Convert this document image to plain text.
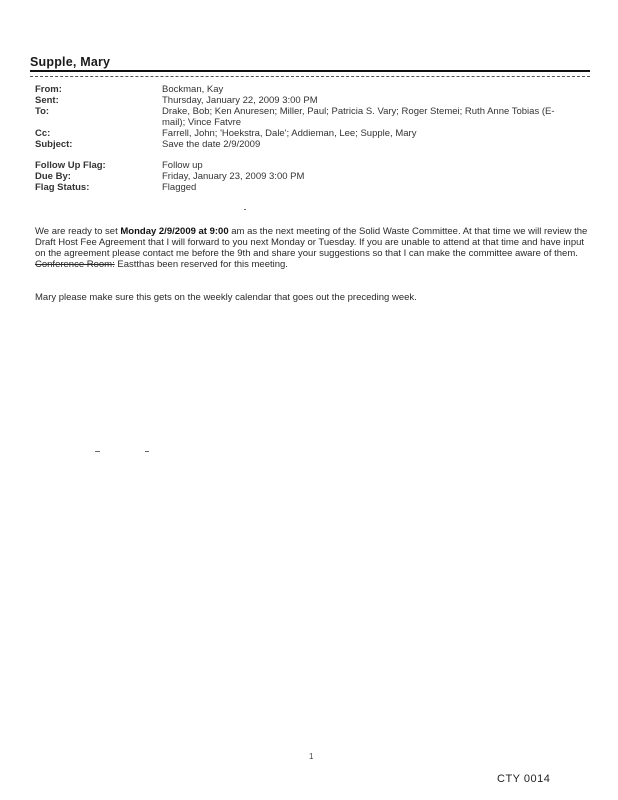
Supple, Mary
From:	Bockman, Kay
Sent:	Thursday, January 22, 2009 3:00 PM
To:	Drake, Bob; Ken Anuresen; Miller, Paul; Patricia S. Vary; Roger Stemei; Ruth Anne Tobias (E-mail); Vince Fatvre
Cc:	Farrell, John; 'Hoekstra, Dale'; Addieman, Lee; Supple, Mary
Subject:	Save the date 2/9/2009
Follow Up Flag:	Follow up
Due By:	Friday, January 23, 2009 3:00 PM
Flag Status:	Flagged
We are ready to set Monday 2/9/2009 at 9:00 am as the next meeting of the Solid Waste Committee. At that time we will review the Draft Host Fee Agreement that I will forward to you next Monday or Tuesday. If you are unable to attend at that time and have input on the agreement please contact me before the 9th and share your suggestions so that I can make the committee aware of them.
Conference Room: Eastthas been reserved for this meeting.
Mary please make sure this gets on the weekly calendar that goes out the preceding week.
1
CTY 0014
